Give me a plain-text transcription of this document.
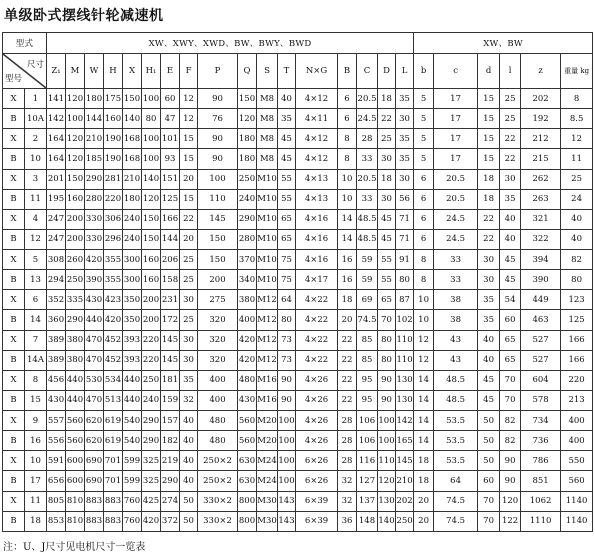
单级卧式摆线针轮减速机
型式		XW、XWY、XWD、BW、BWY、BWD																	XW、BW					

尺寸
型号		Z₁	M	W	H	X	H₁	E	F	P	Q	S	T	N×G	B	C	D	L	b	c	d	l	z	重量 kg
X	1	141	120	180	175	150	100	60	12	90	150	M8	40	4×12	6	20.5	18	35	5	17	15	25	202	8
B	10A	142	100	144	160	140	80	47	12	76	120	M8	35	4×11	6	24.5	22	30	5	17	15	25	192	8.5
X	2	164	120	210	190	168	100	101	15	90	180	M8	45	4×12	8	28	25	35	5	17	15	22	212	12
B	10	164	120	185	190	168	100	93	15	90	180	M8	45	4×12	8	33	30	35	5	17	15	22	215	11
X	3	201	150	290	281	210	140	151	20	100	250	M10	55	4×13	10	20.5	18	30	6	20.5	18	30	262	25
B	11	195	160	280	220	180	120	125	15	110	240	M10	55	4×13	10	33	30	56	6	20.5	18	35	263	24
X	4	247	200	330	306	240	150	166	22	145	290	M10	65	4×16	14	48.5	45	71	6	24.5	22	40	321	40
B	12	247	200	330	296	240	150	144	20	150	280	M10	65	4×16	14	48.5	45	71	6	24.5	22	40	322	40
X	5	308	260	420	355	300	160	206	25	150	370	M10	75	4×16	16	59	55	91	8	33	30	45	394	82
B	13	294	250	390	355	300	160	158	25	200	340	M10	75	4×17	16	59	55	80	8	33	30	45	390	80
X	6	352	335	430	423	350	200	231	30	275	380	M12	64	4×22	18	69	65	87	10	38	35	54	449	123
B	14	360	290	440	420	350	200	172	25	320	400	M12	80	4×22	20	74.5	70	102	10	38	35	60	463	125
X	7	389	380	470	452	393	220	145	30	320	420	M12	73	4×22	22	85	80	110	12	43	40	65	527	166
B	14A	389	380	470	452	393	220	145	30	320	420	M12	73	4×22	22	85	80	110	12	43	40	65	527	166
X	8	456	440	530	534	440	250	181	35	400	480	M16	90	4×26	22	95	90	130	14	48.5	45	70	604	220
B	15	430	440	470	513	440	240	159	32	400	430	M16	90	4×26	22	95	90	130	14	48.5	45	70	578	213
X	9	557	560	620	619	540	290	157	40	480	560	M20	100	4×26	28	106	100	142	14	53.5	50	82	734	400
B	16	556	560	620	619	540	290	182	40	480	560	M20	100	4×26	28	106	100	165	14	53.5	50	82	736	400
X	10	591	600	690	701	599	325	219	40	250×2	630	M24	100	6×26	28	116	110	145	18	53.5	50	90	786	550
B	17	656	600	690	701	599	325	290	40	250×2	630	M24	100	6×26	32	127	120	210	18	64	60	90	851	560
X	11	805	810	883	883	760	425	274	50	330×2	800	M30	143	6×39	32	137	130	202	20	74.5	70	120	1062	1140
B	18	853	810	883	883	760	420	372	50	330×2	800	M30	143	6×39	36	148	140	250	20	74.5	70	122	1110	1140
注：U、J尺寸见电机尺寸一览表
